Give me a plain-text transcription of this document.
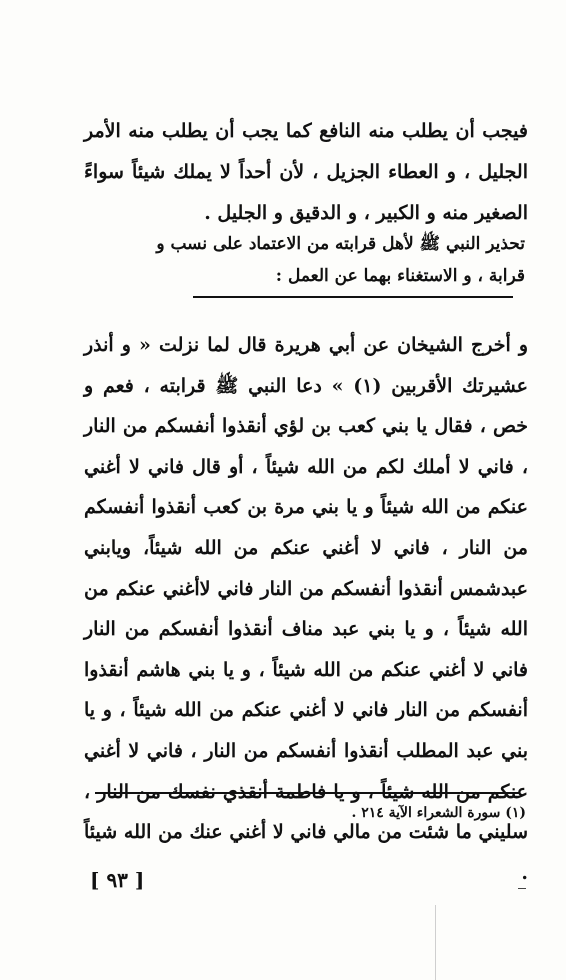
فيجب أن يطلب منه النافع كما يجب أن يطلب منه الأمر الجليل ، و العطاء الجزيل ، لأن أحداً لا يملك شيئاً سواءً الصغير منه و الكبير ، و الدقيق و الجليل .

تحذير النبي ﷺ لأهل قرابته من الاعتماد على نسب و قرابة ، و الاستغناء بهما عن العمل :

و أخرج الشيخان عن أبي هريرة قال لما نزلت « و أنذر عشيرتك الأقربين (١) » دعا النبي ﷺ قرابته ، فعم و خص ، فقال يا بني كعب بن لؤي أنقذوا أنفسكم من النار ، فاني لا أملك لكم من الله شيئاً ، أو قال فاني لا أغني عنكم من الله شيئاً و يا بني مرة بن كعب أنقذوا أنفسكم من النار ، فاني لا أغني عنكم من الله شيئاً، ويابني عبدشمس أنقذوا أنفسكم من النار فاني لاأغني عنكم من الله شيئاً ، و يا بني عبد مناف أنقذوا أنفسكم من النار فاني لا أغني عنكم من الله شيئاً ، و يا بني هاشم أنقذوا أنفسكم من النار فاني لا أغني عنكم من الله شيئاً ، و يا بني عبد المطلب أنقذوا أنفسكم من النار ، فاني لا أغني عنكم من الله شيئاً ، و يا فاطمة أنقذي نفسك من النار ، سليني ما شئت من مالي فاني لا أغني عنك من الله شيئاً .

(١) سورة الشعراء الآية ٢١٤ .
[ ٩٣ ]
